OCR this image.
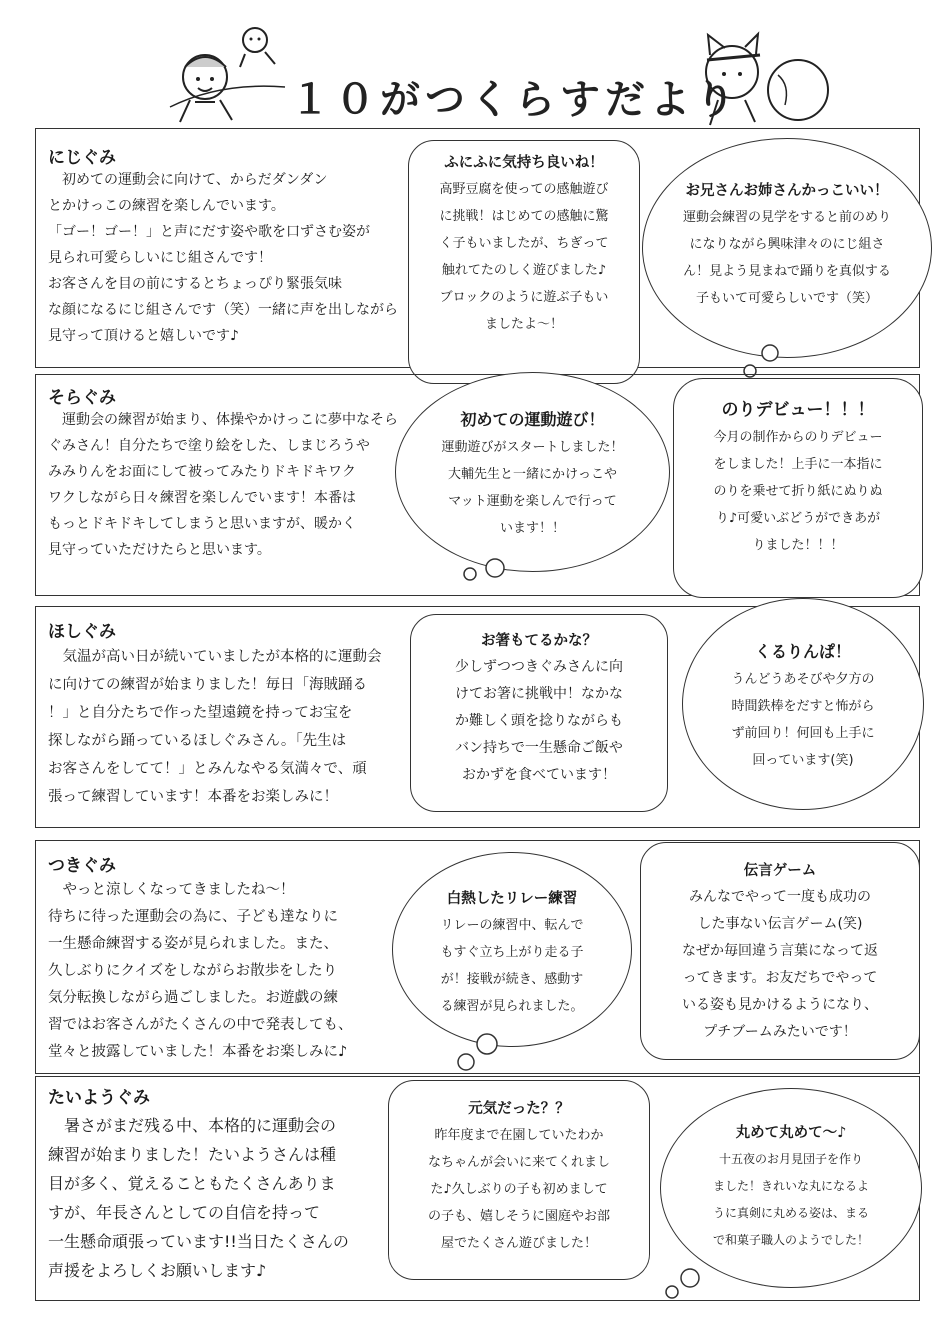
１０がつくらすだより
にじぐみ

　初めての運動会に向けて、からだダンダン

とかけっこの練習を楽しんでいます。

「ゴー！ゴー！」と声にだす姿や歌を口ずさむ姿が

見られ可愛らしいにじ組さんです！

お客さんを目の前にするとちょっぴり緊張気味

な顔になるにじ組さんです（笑）一緒に声を出しながら

見守って頂けると嬉しいです♪

ふにふに気持ち良いね！

高野豆腐を使っての感触遊び

に挑戦！はじめての感触に驚

く子もいましたが、ちぎって

触れてたのしく遊びました♪

ブロックのように遊ぶ子もい

ましたよ～！

お兄さんお姉さんかっこいい！

運動会練習の見学をすると前のめり

になりながら興味津々のにじ組さ

ん！見よう見まねで踊りを真似する

子もいて可愛らしいです（笑）

そらぐみ

　運動会の練習が始まり、体操やかけっこに夢中なそら

ぐみさん！自分たちで塗り絵をした、しまじろうや

みみりんをお面にして被ってみたりドキドキワク

ワクしながら日々練習を楽しんでいます！本番は

もっとドキドキしてしまうと思いますが、暖かく

見守っていただけたらと思います。

初めての運動遊び！

運動遊びがスタートしました！

大輔先生と一緒にかけっこや

マット運動を楽しんで行って

います！！

のりデビュー！！！

今月の制作からのりデビュー

をしました！上手に一本指に

のりを乗せて折り紙にぬりぬ

り♪可愛いぶどうができあが

りました！！！

ほしぐみ

　気温が高い日が続いていましたが本格的に運動会

に向けての練習が始まりました！毎日「海賊踊る

！」と自分たちで作った望遠鏡を持ってお宝を

探しながら踊っているほしぐみさん。「先生は

お客さんをしてて！」とみんなやる気満々で、頑

張って練習しています！本番をお楽しみに！

お箸もてるかな？

少しずつつきぐみさんに向

けてお箸に挑戦中！なかな

か難しく頭を捻りながらも

バン持ちで一生懸命ご飯や

おかずを食べています！

くるりんぱ！

うんどうあそびや夕方の

時間鉄棒をだすと怖がら

ず前回り！何回も上手に

回っています(笑)

つきぐみ

　やっと涼しくなってきましたね～！

待ちに待った運動会の為に、子ども達なりに

一生懸命練習する姿が見られました。また、

久しぶりにクイズをしながらお散歩をしたり

気分転換しながら過ごしました。お遊戯の練

習ではお客さんがたくさんの中で発表しても、

堂々と披露していました！本番をお楽しみに♪

白熱したリレー練習

リレーの練習中、転んで

もすぐ立ち上がり走る子

が！接戦が続き、感動す

る練習が見られました。

伝言ゲーム

みんなでやって一度も成功の

した事ない伝言ゲーム(笑)

なぜか毎回違う言葉になって返

ってきます。お友だちでやって

いる姿も見かけるようになり、

プチブームみたいです！

たいようぐみ

　暑さがまだ残る中、本格的に運動会の

練習が始まりました！たいようさんは種

目が多く、覚えることもたくさんありま

すが、年長さんとしての自信を持って

一生懸命頑張っています!!当日たくさんの

声援をよろしくお願いします♪

元気だった？？

昨年度まで在園していたわか

なちゃんが会いに来てくれまし

た♪久しぶりの子も初めまして

の子も、嬉しそうに園庭やお部

屋でたくさん遊びました！

丸めて丸めて～♪

十五夜のお月見団子を作り

ました！きれいな丸になるよ

うに真剣に丸める姿は、まる

で和菓子職人のようでした！
